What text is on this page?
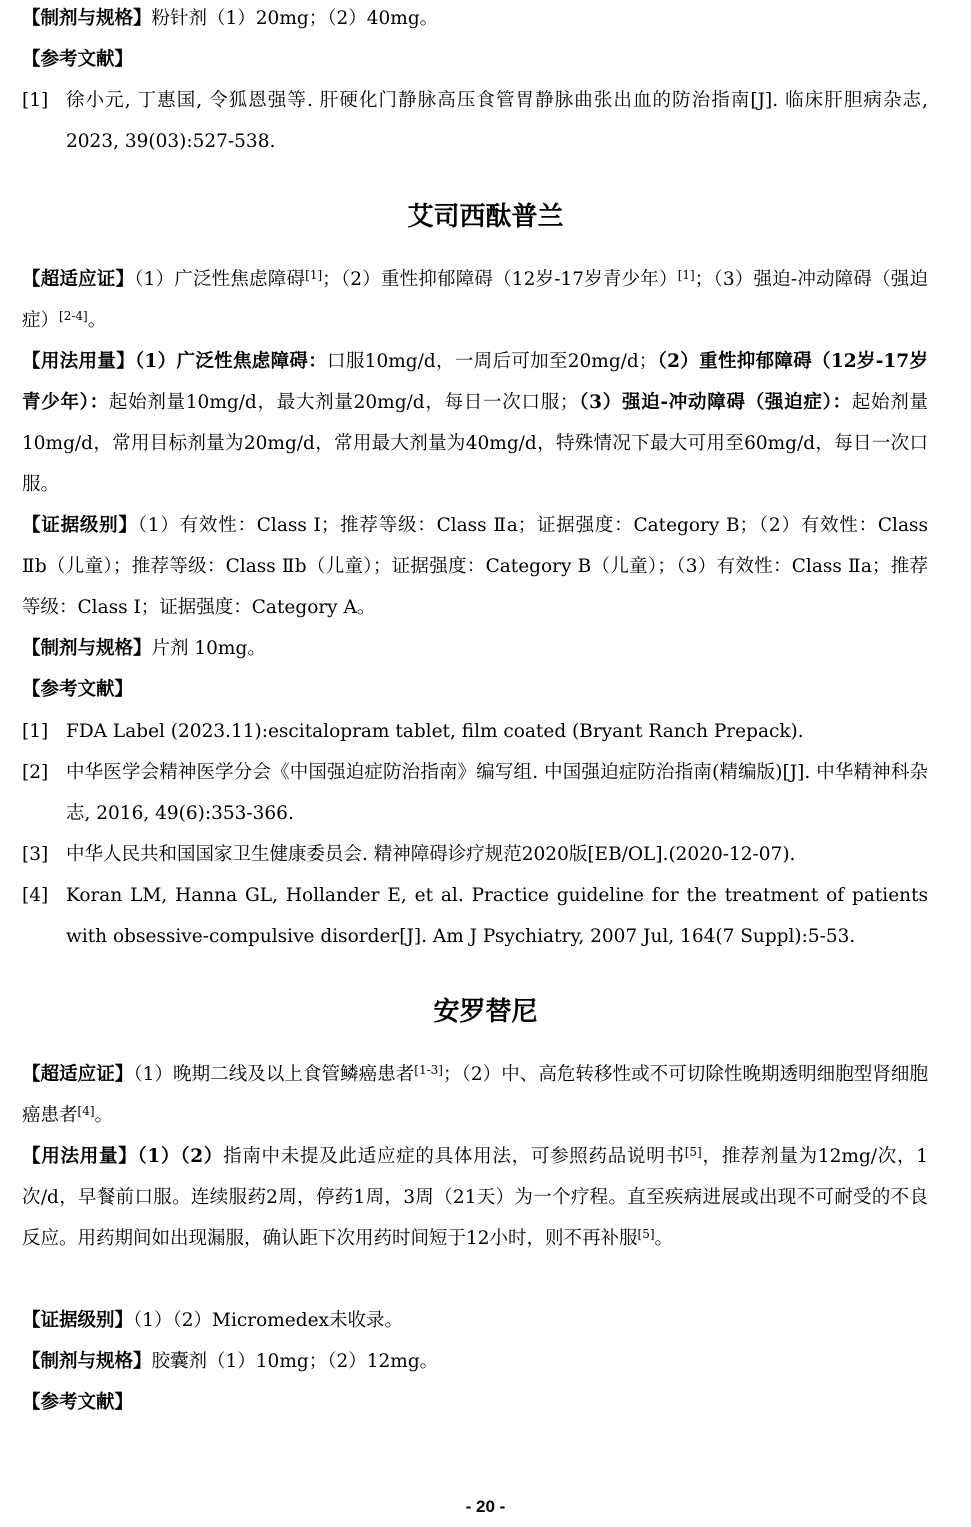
【制剂与规格】粉针剂（1）20mg；（2）40mg。

【参考文献】

[1] 徐小元, 丁惠国, 令狐恩强等. 肝硬化门静脉高压食管胃静脉曲张出血的防治指南[J]. 临床肝胆病杂志, 2023, 39(03):527-538.
艾司西酞普兰

【超适应证】（1）广泛性焦虑障碍[1]；（2）重性抑郁障碍（12岁-17岁青少年）[1]；（3）强迫-冲动障碍（强迫症）[2-4]。

【用法用量】（1）广泛性焦虑障碍：口服10mg/d，一周后可加至20mg/d；（2）重性抑郁障碍（12岁-17岁青少年）：起始剂量10mg/d，最大剂量20mg/d，每日一次口服；（3）强迫-冲动障碍（强迫症）：起始剂量10mg/d，常用目标剂量为20mg/d，常用最大剂量为40mg/d，特殊情况下最大可用至60mg/d，每日一次口服。

【证据级别】（1）有效性：Class I；推荐等级：Class Ⅱa；证据强度：Category B；（2）有效性：Class Ⅱb（儿童）；推荐等级：Class Ⅱb（儿童）；证据强度：Category B（儿童）；（3）有效性：Class Ⅱa；推荐等级：Class I；证据强度：Category A。

【制剂与规格】片剂 10mg。

【参考文献】

[1] FDA Label (2023.11):escitalopram tablet, film coated (Bryant Ranch Prepack).
[2] 中华医学会精神医学分会《中国强迫症防治指南》编写组. 中国强迫症防治指南(精编版)[J]. 中华精神科杂志, 2016, 49(6):353-366.
[3] 中华人民共和国国家卫生健康委员会. 精神障碍诊疗规范2020版[EB/OL].(2020-12-07).
[4] Koran LM, Hanna GL, Hollander E, et al. Practice guideline for the treatment of patients with obsessive-compulsive disorder[J]. Am J Psychiatry, 2007 Jul, 164(7 Suppl):5-53.
安罗替尼

【超适应证】（1）晚期二线及以上食管鳞癌患者[1-3]；（2）中、高危转移性或不可切除性晚期透明细胞型肾细胞癌患者[4]。

【用法用量】（1）（2）指南中未提及此适应症的具体用法，可参照药品说明书[5]，推荐剂量为12mg/次，1次/d，早餐前口服。连续服药2周，停药1周，3周（21天）为一个疗程。直至疾病进展或出现不可耐受的不良反应。用药期间如出现漏服，确认距下次用药时间短于12小时，则不再补服[5]。

【证据级别】（1）（2）Micromedex未收录。

【制剂与规格】胶囊剂（1）10mg；（2）12mg。

【参考文献】

- 20 -
